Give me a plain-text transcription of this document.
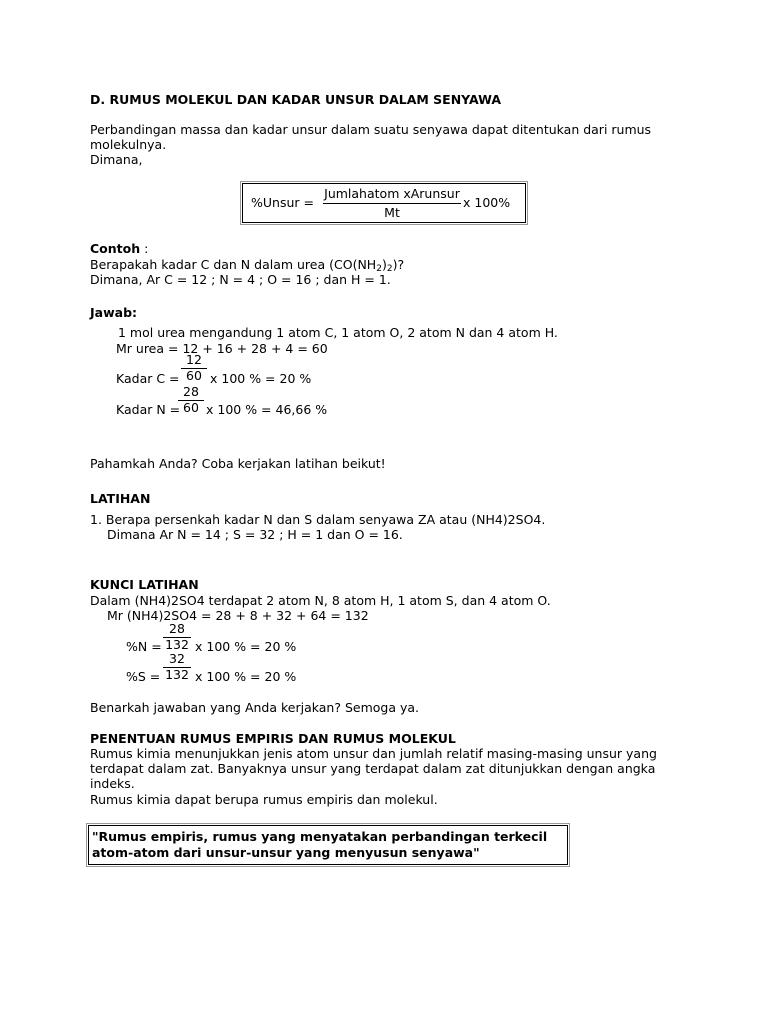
D. RUMUS MOLEKUL DAN KADAR UNSUR DALAM SENYAWA
Perbandingan massa dan kadar unsur dalam suatu senyawa dapat ditentukan dari rumus
molekulnya.
Dimana,
%Unsur =
Jumlahatom xArunsur
Mt
x 100%
Contoh :
Berapakah kadar C dan N dalam urea $(CO(NH_2)_2)$?
Dimana, Ar C = 12 ; N = 4 ; O = 16 ; dan H = 1.
Jawab:
1 mol urea mengandung 1 atom C, 1 atom O, 2 atom N dan 4 atom H.
Mr urea = 12 + 16 + 28 + 4 = 60
Kadar C =
12
60 x 100 % = 20 %
Kadar N =
28
60 x 100 % = 46,66 %
Pahamkah Anda? Coba kerjakan latihan beikut!
LATIHAN
1. Berapa persenkah kadar N dan S dalam senyawa ZA atau (NH4)2SO4.
Dimana Ar N = 14 ; S = 32 ; H = 1 dan O = 16.
KUNCI LATIHAN
Dalam (NH4)2SO4 terdapat 2 atom N, 8 atom H, 1 atom S, dan 4 atom O.
Mr (NH4)2SO4 = 28 + 8 + 32 + 64 = 132
%N =
28
132 x 100 % = 20 %
%S =
32
132 x 100 % = 20 %
Benarkah jawaban yang Anda kerjakan? Semoga ya.
PENENTUAN RUMUS EMPIRIS DAN RUMUS MOLEKUL
Rumus kimia menunjukkan jenis atom unsur dan jumlah relatif masing-masing unsur yang
terdapat dalam zat. Banyaknya unsur yang terdapat dalam zat ditunjukkan dengan angka
indeks.
Rumus kimia dapat berupa rumus empiris dan molekul.
"Rumus empiris, rumus yang menyatakan perbandingan terkecil
atom-atom dari unsur-unsur yang menyusun senyawa"
